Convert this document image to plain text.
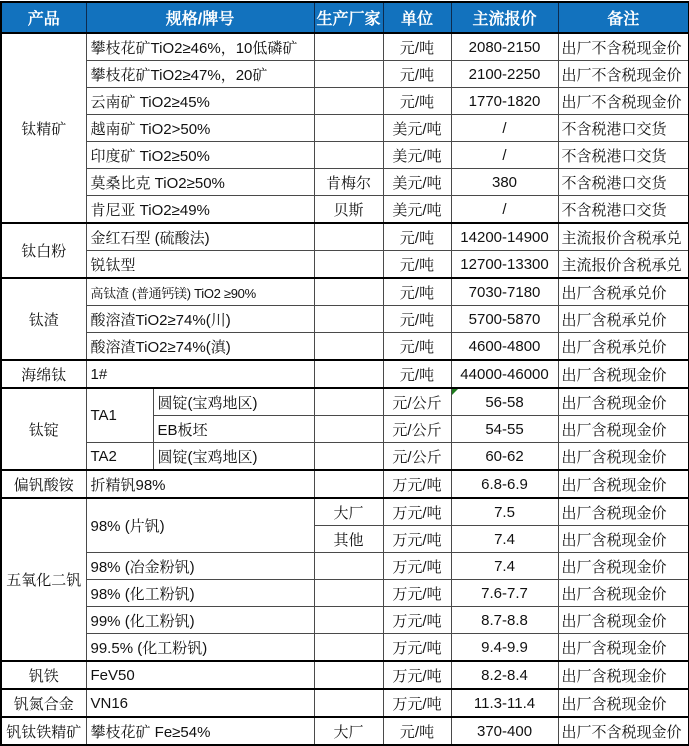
产品	规格/牌号		生产厂家	单位	主流报价	备注
钛精矿	攀枝花矿TiO2≥46%，10低磷矿			元/吨	2080-2150	出厂不含税现金价
	攀枝花矿TiO2≥47%，20矿			元/吨	2100-2250	出厂不含税现金价
	云南矿 TiO2≥45%			元/吨	1770-1820	出厂不含税现金价
	越南矿 TiO2>50%			美元/吨	/	不含税港口交货
	印度矿 TiO2≥50%			美元/吨	/	不含税港口交货
	莫桑比克 TiO2≥50%		肯梅尔	美元/吨	380	不含税港口交货
	肯尼亚 TiO2≥49%		贝斯	美元/吨	/	不含税港口交货
钛白粉	金红石型 (硫酸法)			元/吨	14200-14900	主流报价含税承兑
	锐钛型			元/吨	12700-13300	主流报价含税承兑
钛渣	高钛渣 (普通钙镁) TiO2 ≥90%			元/吨	7030-7180	出厂含税承兑价
	酸溶渣TiO2≥74%(川)			元/吨	5700-5870	出厂含税承兑价
	酸溶渣TiO2≥74%(滇)			元/吨	4600-4800	出厂含税承兑价
海绵钛	1#			元/吨	44000-46000	出厂含税现金价
钛锭	TA1	圆锭(宝鸡地区)		元/公斤	56-58	出厂含税现金价
		EB板坯		元/公斤	54-55	出厂含税现金价
	TA2	圆锭(宝鸡地区)		元/公斤	60-62	出厂含税现金价
偏钒酸铵	折精钒98%			万元/吨	6.8-6.9	出厂含税现金价
五氧化二钒	98% (片钒)		大厂	万元/吨	7.5	出厂含税现金价
			其他	万元/吨	7.4	出厂含税现金价
	98% (冶金粉钒)			万元/吨	7.4	出厂含税现金价
	98% (化工粉钒)			万元/吨	7.6-7.7	出厂含税现金价
	99% (化工粉钒)			万元/吨	8.7-8.8	出厂含税现金价
	99.5% (化工粉钒)			万元/吨	9.4-9.9	出厂含税现金价
钒铁	FeV50			万元/吨	8.2-8.4	出厂含税现金价
钒氮合金	VN16			万元/吨	11.3-11.4	出厂含税现金价
钒钛铁精矿	攀枝花矿 Fe≥54%		大厂	元/吨	370-400	出厂不含税现金价
